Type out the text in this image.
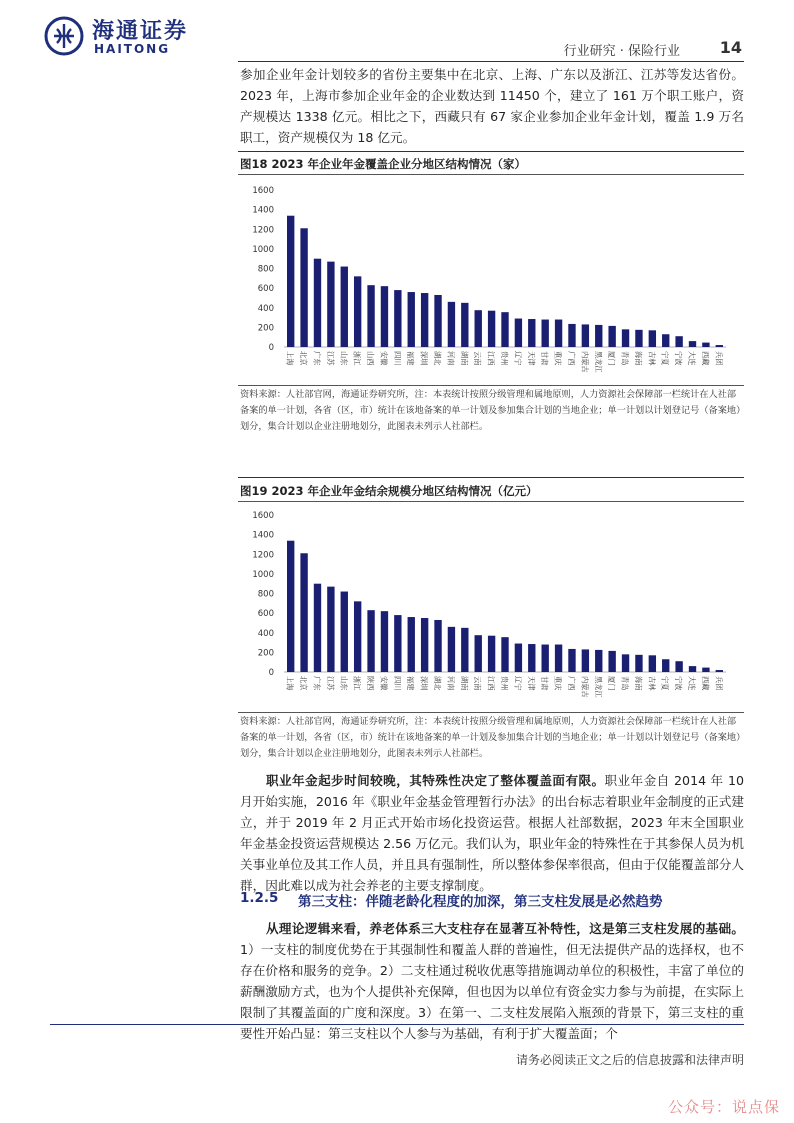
海通证券
HAITONG	行业研究 · 保险行业 14
参加企业年金计划较多的省份主要集中在北京、上海、广东以及浙江、江苏等发达省份。2023 年，上海市参加企业年金的企业数达到 11450 个，建立了 161 万个职工账户，资产规模达 1338 亿元。相比之下，西藏只有 67 家企业参加企业年金计划，覆盖 1.9 万名职工，资产规模仅为 18 亿元。
图18 2023 年企业年金覆盖企业分地区结构情况（家）
0
200
400
600
800
1000
1200
1400
1600
上海 北京 广东 江苏 山东 浙江 山西 安徽 四川 福建 深圳 湖北 河南 湖南 云南 江西 贵州 辽宁 天津 甘肃 重庆 广西 内蒙古 黑龙江 厦门 青岛 海南 吉林 宁夏 宁波 大连 西藏 兵团
资料来源：人社部官网，海通证券研究所，注：本表统计按照分级管理和属地原则，人力资源社会保障部一栏统计在人社部备案的单一计划，各省（区，市）统计在该地备案的单一计划及参加集合计划的当地企业；单一计划以计划登记号（备案地）划分，集合计划以企业注册地划分，此图表未列示人社部栏。
图19 2023 年企业年金结余规模分地区结构情况（亿元）
0
200
400
600
800
1000
1200
1400
1600
上海 北京 广东 江苏 山东 浙江 陕西 安徽 四川 福建 深圳 湖北 河南 湖南 云南 江西 贵州 辽宁 天津 甘肃 重庆 广西 内蒙古 黑龙江 厦门 青岛 海南 吉林 宁夏 宁波 大连 西藏 兵团
资料来源：人社部官网，海通证券研究所，注：本表统计按照分级管理和属地原则，人力资源社会保障部一栏统计在人社部备案的单一计划，各省（区，市）统计在该地备案的单一计划及参加集合计划的当地企业；单一计划以计划登记号（备案地）划分，集合计划以企业注册地划分，此图表未列示人社部栏。
职业年金起步时间较晚，其特殊性决定了整体覆盖面有限。职业年金自 2014 年 10 月开始实施，2016 年《职业年金基金管理暂行办法》的出台标志着职业年金制度的正式建立，并于 2019 年 2 月正式开始市场化投资运营。根据人社部数据，2023 年末全国职业年金基金投资运营规模达 2.56 万亿元。我们认为，职业年金的特殊性在于其参保人员为机关事业单位及其工作人员，并且具有强制性，所以整体参保率很高，但由于仅能覆盖部分人群，因此难以成为社会养老的主要支撑制度。
1.2.5 第三支柱：伴随老龄化程度的加深，第三支柱发展是必然趋势
从理论逻辑来看，养老体系三大支柱存在显著互补特性，这是第三支柱发展的基础。1）一支柱的制度优势在于其强制性和覆盖人群的普遍性，但无法提供产品的选择权，也不存在价格和服务的竞争。2）二支柱通过税收优惠等措施调动单位的积极性，丰富了单位的薪酬激励方式，也为个人提供补充保障，但也因为以单位有资金实力参与为前提，在实际上限制了其覆盖面的广度和深度。3）在第一、二支柱发展陷入瓶颈的背景下，第三支柱的重要性开始凸显：第三支柱以个人参与为基础，有利于扩大覆盖面；个
请务必阅读正文之后的信息披露和法律声明
公众号：说点保
